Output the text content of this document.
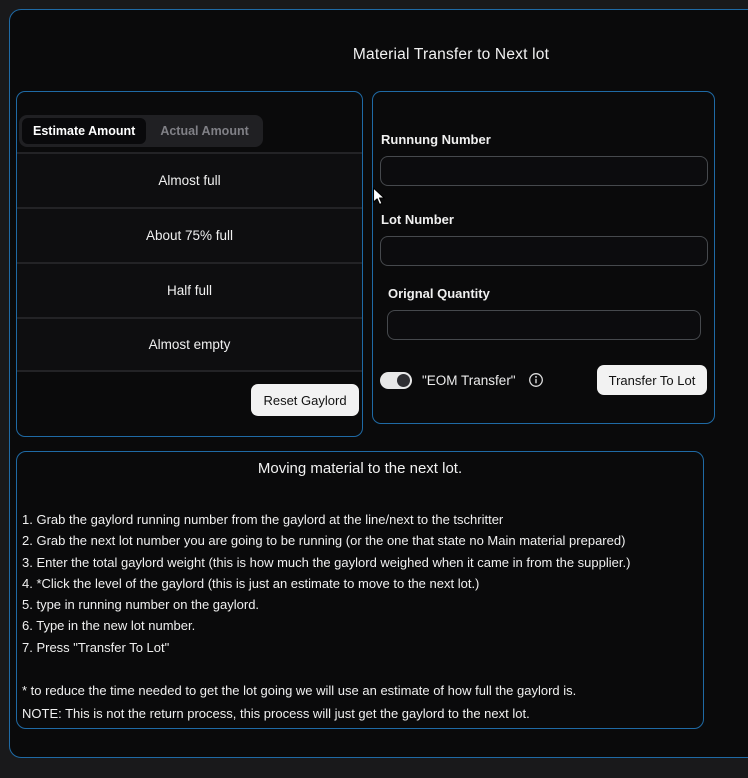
Material Transfer to Next lot
Estimate Amount	Actual Amount
Almost full
About 75% full
Half full
Almost empty
Reset Gaylord
Runnung Number
Lot Number
Orignal Quantity
"EOM Transfer"	Transfer To Lot
Moving material to the next lot.
1. Grab the gaylord running number from the gaylord at the line/next to the tschritter
2. Grab the next lot number you are going to be running (or the one that state no Main material prepared)
3. Enter the total gaylord weight (this is how much the gaylord weighed when it came in from the supplier.)
4. *Click the level of the gaylord (this is just an estimate to move to the next lot.)
5. type in running number on the gaylord.
6. Type in the new lot number.
7. Press "Transfer To Lot"
* to reduce the time needed to get the lot going we will use an estimate of how full the gaylord is.
NOTE: This is not the return process, this process will just get the gaylord to the next lot.
